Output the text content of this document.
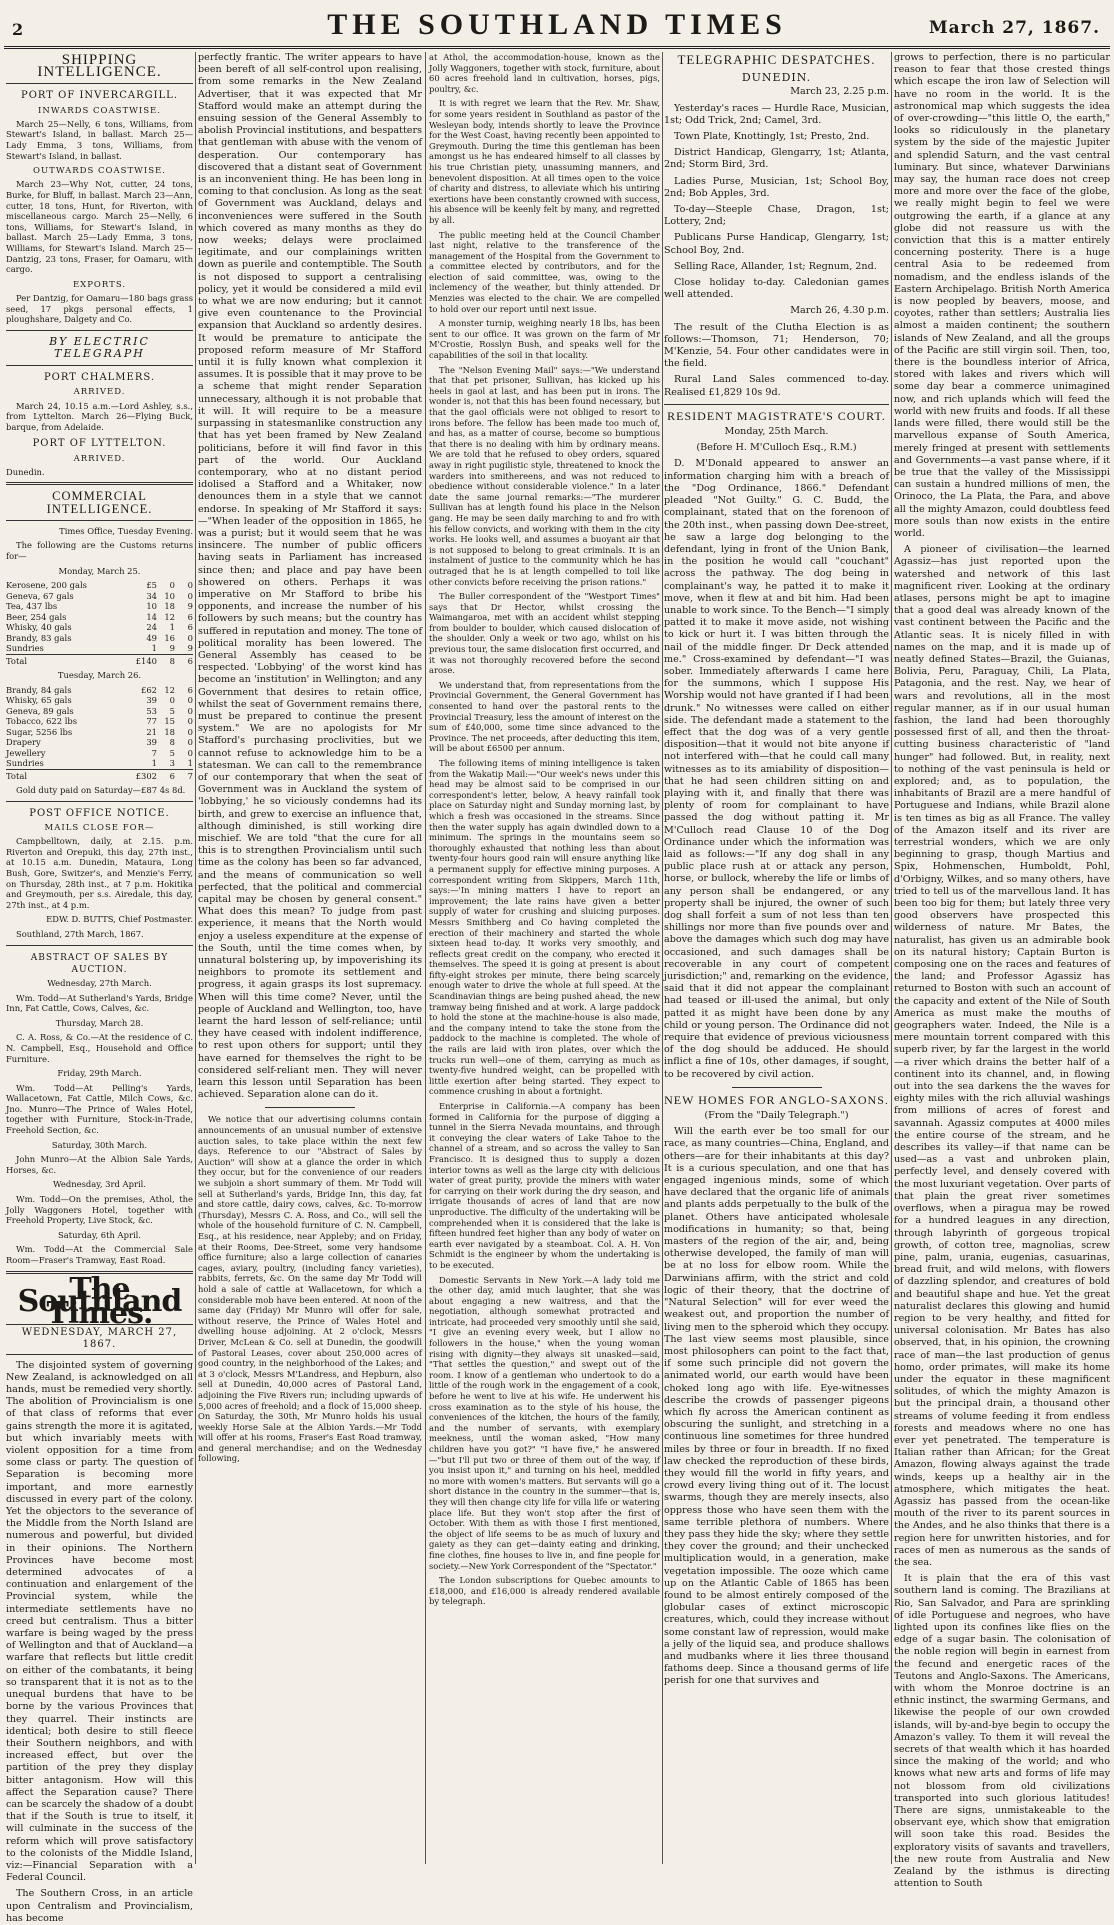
2	THE SOUTHLAND TIMES	March 27, 1867.
SHIPPING INTELLIGENCE.
PORT OF INVERCARGILL.
INWARDS COASTWISE.

March 25—Nelly, 6 tons, Williams, from Stewart's Island, in ballast. March 25—Lady Emma, 3 tons, Williams, from Stewart's Island, in ballast.

OUTWARDS COASTWISE.

March 23—Why Not, cutter, 24 tons, Burke, for Bluff, in ballast. March 23—Ann, cutter, 18 tons, Hunt, for Riverton, with miscellaneous cargo. March 25—Nelly, 6 tons, Williams, for Stewart's Island, in ballast. March 25—Lady Emma, 3 tons, Williams, for Stewart's Island. March 25—Dantzig, 23 tons, Fraser, for Oamaru, with cargo.

EXPORTS.

Per Dantzig, for Oamaru—180 bags grass seed, 17 pkgs personal effects, 1 ploughshare, Dalgety and Co.

BY ELECTRIC TELEGRAPH
PORT CHALMERS.
ARRIVED.

March 24, 10.15 a.m.—Lord Ashley, s.s., from Lyttelton. March 26—Flying Buck, barque, from Adelaide.

PORT OF LYTTELTON.
ARRIVED.

Dunedin.

COMMERCIAL INTELLIGENCE.

Times Office, Tuesday Evening.

The following are the Customs returns for—

Monday, March 25.

Kerosene, 200 gals	£5	0	0
Geneva, 67 gals	34	10	0
Tea, 437 lbs	10	18	9
Beer, 254 gals	14	12	6
Whisky, 40 gals	24	1	6
Brandy, 83 gals	49	16	0
Sundries	1	9	9
Total	£140	8	6

Tuesday, March 26.

Brandy, 84 gals	£62	12	6
Whisky, 65 gals	39	0	0
Geneva, 89 gals	53	5	0
Tobacco, 622 lbs	77	15	0
Sugar, 5256 lbs	21	18	0
Drapery	39	8	0
Jewellery	7	5	0
Sundries	1	3	1
Total	£302	6	7

Gold duty paid on Saturday—£87 4s 8d.

POST OFFICE NOTICE.
MAILS CLOSE FOR—

Campbelltown, daily, at 2.15. p.m. Riverton and Orepuki, this day, 27th inst., at 10.15 a.m. Dunedin, Mataura, Long Bush, Gore, Switzer's, and Menzie's Ferry, on Thursday, 28th inst., at 7 p.m. Hokitika and Greymouth, per s.s. Airedale, this day, 27th inst., at 4 p.m.

EDW. D. BUTTS, Chief Postmaster.

Southland, 27th March, 1867.

ABSTRACT OF SALES BY AUCTION.

Wednesday, 27th March.

Wm. Todd—At Sutherland's Yards, Bridge Inn, Fat Cattle, Cows, Calves, &c.

Thursday, March 28.

C. A. Ross, & Co.—At the residence of C. N. Campbell, Esq., Household and Office Furniture.

Friday, 29th March.

Wm. Todd—At Pelling's Yards, Wallacetown, Fat Cattle, Milch Cows, &c. Jno. Munro—The Prince of Wales Hotel, together with Furniture, Stock-in-Trade, Freehold Section, &c.

Saturday, 30th March.

John Munro—At the Albion Sale Yards, Horses, &c.

Wednesday, 3rd April.

Wm. Todd—On the premises, Athol, the Jolly Waggoners Hotel, together with Freehold Property, Live Stock, &c.

Saturday, 6th April.

Wm. Todd—At the Commercial Sale Room—Fraser's Tramway, East Road.

The Southland Times.
WEDNESDAY, MARCH 27, 1867.

The disjointed system of governing New Zealand, is acknowledged on all hands, must be remedied very shortly. The abolition of Provincialism is one of that class of reforms that ever gains strength the more it is agitated, but which invariably meets with violent opposition for a time from some class or party. The question of Separation is becoming more important, and more earnestly discussed in every part of the colony. Yet the objectors to the severance of the Middle from the North Island are numerous and powerful, but divided in their opinions. The Northern Provinces have become most determined advocates of a continuation and enlargement of the Provincial system, while the intermediate settlements have no creed but centralism. Thus a bitter warfare is being waged by the press of Wellington and that of Auckland—a warfare that reflects but little credit on either of the combatants, it being so transparent that it is not as to the unequal burdens that have to be borne by the various Provinces that they quarrel. Their instincts are identical; both desire to still fleece their Southern neighbors, and with increased effect, but over the partition of the prey they display bitter antagonism. How will this affect the Separation cause? There can be scarcely the shadow of a doubt that if the South is true to itself, it will culminate in the success of the reform which will prove satisfactory to the colonists of the Middle Island, viz:—Financial Separation with a Federal Council.

The Southern Cross, in an article upon Centralism and Provincialism, has become

perfectly frantic. The writer appears to have been bereft of all self-control upon realising, from some remarks in the New Zealand Advertiser, that it was expected that Mr Stafford would make an attempt during the ensuing session of the General Assembly to abolish Provincial institutions, and bespatters that gentleman with abuse with the venom of desperation. Our contemporary has discovered that a distant seat of Government is an inconvenient thing. He has been long in coming to that conclusion. As long as the seat of Government was Auckland, delays and inconveniences were suffered in the South which covered as many months as they do now weeks; delays were proclaimed legitimate, and our complainings written down as puerile and contemptible. The South is not disposed to support a centralising policy, yet it would be considered a mild evil to what we are now enduring; but it cannot give even countenance to the Provincial expansion that Auckland so ardently desires. It would be premature to anticipate the proposed reform measure of Mr Stafford until it is fully known what complexion it assumes. It is possible that it may prove to be a scheme that might render Separation unnecessary, although it is not probable that it will. It will require to be a measure surpassing in statesmanlike construction any that has yet been framed by New Zealand politicians, before it will find favor in this part of the world. Our Auckland contemporary, who at no distant period idolised a Stafford and a Whitaker, now denounces them in a style that we cannot endorse. In speaking of Mr Stafford it says:—"When leader of the opposition in 1865, he was a purist; but it would seem that he was insincere. The number of public officers having seats in Parliament has increased since then; and place and pay have been showered on others. Perhaps it was imperative on Mr Stafford to bribe his opponents, and increase the number of his followers by such means; but the country has suffered in reputation and money. The tone of political morality has been lowered. The General Assembly has ceased to be respected. 'Lobbying' of the worst kind has become an 'institution' in Wellington; and any Government that desires to retain office, whilst the seat of Government remains there, must be prepared to continue the present system." We are no apologists for Mr Stafford's purchasing proclivities, but we cannot refuse to acknowledge him to be a statesman. We can call to the remembrance of our contemporary that when the seat of Government was in Auckland the system of 'lobbying,' he so viciously condemns had its birth, and grew to exercise an influence that, although diminished, is still working dire mischief. We are told "that the cure for all this is to strengthen Provincialism until such time as the colony has been so far advanced, and the means of communication so well perfected, that the political and commercial capital may be chosen by general consent." What does this mean? To judge from past experience, it means that the North would enjoy a useless expenditure at the expense of the South, until the time comes when, by unnatural bolstering up, by impoverishing its neighbors to promote its settlement and progress, it again grasps its lost supremacy. When will this time come? Never, until the people of Auckland and Wellington, too, have learnt the hard lesson of self-reliance; until they have ceased with indolent indifference, to rest upon others for support; until they have earned for themselves the right to be considered self-reliant men. They will never learn this lesson until Separation has been achieved. Separation alone can do it.

We notice that our advertising columns contain announcements of an unusual number of extensive auction sales, to take place within the next few days. Reference to our "Abstract of Sales by Auction" will show at a glance the order in which they occur, but for the convenience of our readers we subjoin a short summary of them. Mr Todd will sell at Sutherland's yards, Bridge Inn, this day, fat and store cattle, dairy cows, calves, &c. To-morrow (Thursday), Messrs C. A. Ross, and Co., will sell the whole of the household furniture of C. N. Campbell, Esq., at his residence, near Appleby; and on Friday, at their Rooms, Dee-Street, some very handsome office furniture; also a large collection of canaries cages, aviary, poultry, (including fancy varieties), rabbits, ferrets, &c. On the same day Mr Todd will hold a sale of cattle at Wallacetown, for which a considerable mob have been entered. At noon of the same day (Friday) Mr Munro will offer for sale, without reserve, the Prince of Wales Hotel and dwelling house adjoining. At 2 o'clock, Messrs Driver, McLean & Co. sell at Dunedin, the goodwill of Pastoral Leases, cover about 250,000 acres of good country, in the neighborhood of the Lakes; and at 3 o'clock, Messrs M'Landress, and Hepburn, also sell at Dunedin, 40,000 acres of Pastoral Land, adjoining the Five Rivers run; including upwards of 5,000 acres of freehold; and a flock of 15,000 sheep. On Saturday, the 30th, Mr Munro holds his usual weekly Horse Sale at the Albion Yards.—Mr Todd will offer at his rooms, Fraser's East Road tramway, and general merchandise; and on the Wednesday following,

at Athol, the accommodation-house, known as the Jolly Waggoners, together with stock, furniture, about 60 acres freehold land in cultivation, horses, pigs, poultry, &c.

It is with regret we learn that the Rev. Mr. Shaw, for some years resident in Southland as pastor of the Wesleyan body, intends shortly to leave the Province for the West Coast, having recently been appointed to Greymouth. During the time this gentleman has been amongst us he has endeared himself to all classes by his true Christian piety, unassuming manners, and benevolent disposition. At all times open to the voice of charity and distress, to alleviate which his untiring exertions have been constantly crowned with success, his absence will be keenly felt by many, and regretted by all.

The public meeting held at the Council Chamber last night, relative to the transference of the management of the Hospital from the Government to a committee elected by contributors, and for the election of said committee, was, owing to the inclemency of the weather, but thinly attended. Dr Menzies was elected to the chair. We are compelled to hold over our report until next issue.

A monster turnip, weighing nearly 18 lbs, has been sent to our office. It was grown on the farm of Mr M'Crostie, Rosslyn Bush, and speaks well for the capabilities of the soil in that locality.

The "Nelson Evening Mail" says:—"We understand that that pet prisoner, Sullivan, has kicked up his heels in gaol at last, and has been put in irons. The wonder is, not that this has been found necessary, but that the gaol officials were not obliged to resort to irons before. The fellow has been made too much of, and has, as a matter of course, become so bumptious that there is no dealing with him by ordinary means. We are told that he refused to obey orders, squared away in right pugilistic style, threatened to knock the warders into smithereens, and was not reduced to obedience without considerable violence." In a later date the same journal remarks:—"The murderer Sullivan has at length found his place in the Nelson gang. He may be seen daily marching to and fro with his fellow convicts, and working with them in the city works. He looks well, and assumes a buoyant air that is not supposed to belong to great criminals. It is an instalment of justice to the community which he has outraged that he is at length compelled to toil like other convicts before receiving the prison rations."

The Buller correspondent of the "Westport Times" says that Dr Hector, whilst crossing the Waimangaroa, met with an accident whilst stepping from boulder to boulder, which caused dislocation of the shoulder. Only a week or two ago, whilst on his previous tour, the same dislocation first occurred, and it was not thoroughly recovered before the second arose.

We understand that, from representations from the Provincial Government, the General Government has consented to hand over the pastoral rents to the Provincial Treasury, less the amount of interest on the sum of £40,000, some time since advanced to the Province. The net proceeds, after deducting this item, will be about £6500 per annum.

The following items of mining intelligence is taken from the Wakatip Mail:—"Our week's news under this head may be almost said to be comprised in our correspondent's letter, below, A heavy rainfall took place on Saturday night and Sunday morning last, by which a fresh was occasioned in the streams. Since then the water supply has again dwindled down to a minimum. The springs in the mountains seem so thoroughly exhausted that nothing less than about twenty-four hours good rain will ensure anything like a permanent supply for effective mining purposes. A correspondent writing from Skippers, March 11th, says:—'In mining matters I have to report an improvement; the late rains have given a better supply of water for crushing and sluicing purposes. Messrs Smithberg and Co having completed the erection of their machinery and started the whole sixteen head to-day. It works very smoothly, and reflects great credit on the company, who erected it themselves. The speed it is going at present is about fifty-eight strokes per minute, there being scarcely enough water to drive the whole at full speed. At the Scandinavian things are being pushed ahead, the new tramway being finished and at work. A large paddock to hold the stone at the machine-house is also made, and the company intend to take the stone from the paddock to the machine is completed. The whole of the rails are laid with iron plates, over which the trucks run well—one of them, carrying as much as twenty-five hundred weight, can be propelled with little exertion after being started. They expect to commence crushing in about a fortnight.

Enterprise in California.—A company has been formed in California for the purpose of digging a tunnel in the Sierra Nevada mountains, and through it conveying the clear waters of Lake Tahoe to the channel of a stream, and so across the valley to San Francisco. It is designed thus to supply a dozen interior towns as well as the large city with delicious water of great purity, provide the miners with water for carrying on their work during the dry season, and irrigate thousands of acres of land that are now unproductive. The difficulty of the undertaking will be comprehended when it is considered that the lake is fifteen hundred feet higher than any body of water on earth ever navigated by a steamboat. Col. A. H. Von Schmidt is the engineer by whom the undertaking is to be executed.

Domestic Servants in New York.—A lady told me the other day, amid much laughter, that she was about engaging a new waitress, and that the negotiation, although somewhat protracted and intricate, had proceeded very smoothly until she said, "I give an evening every week, but I allow no followers in the house," when the young woman rising with dignity—they always sit unasked—said, "That settles the question," and swept out of the room. I know of a gentleman who undertook to do a little of the rough work in the engagement of a cook, before he went to live at his wife. He underwent his cross examination as to the style of his house, the conveniences of the kitchen, the hours of the family, and the number of servants, with exemplary meekness, until the woman asked, "How many children have you got?" "I have five," he answered—"but I'll put two or three of them out of the way, if you insist upon it," and turning on his heel, meddled no more with women's matters. But servants will go a short distance in the country in the summer—that is, they will then change city life for villa life or watering place life. But they won't stop after the first of October. With them as with those I first mentioned, the object of life seems to be as much of luxury and gaiety as they can get—dainty eating and drinking, fine clothes, fine houses to live in, and fine people for society.—New York Correspondent of the "Spectator."

The London subscriptions for Quebec amounts to £18,000, and £16,000 is already rendered available by telegraph.

TELEGRAPHIC DESPATCHES.
DUNEDIN.

March 23, 2.25 p.m.

Yesterday's races — Hurdle Race, Musician, 1st; Odd Trick, 2nd; Camel, 3rd.

Town Plate, Knottingly, 1st; Presto, 2nd.

District Handicap, Glengarry, 1st; Atlanta, 2nd; Storm Bird, 3rd.

Ladies Purse, Musician, 1st; School Boy, 2nd; Bob Apples, 3rd.

To-day—Steeple Chase, Dragon, 1st; Lottery, 2nd;

Publicans Purse Handicap, Glengarry, 1st; School Boy, 2nd.

Selling Race, Allander, 1st; Regnum, 2nd.

Close holiday to-day. Caledonian games well attended.

March 26, 4.30 p.m.

The result of the Clutha Election is as follows:—Thomson, 71; Henderson, 70; M'Kenzie, 54. Four other candidates were in the field.

Rural Land Sales commenced to-day. Realised £1,829 10s 9d.

RESIDENT MAGISTRATE'S COURT.

Monday, 25th March.

(Before H. M'Culloch Esq., R.M.)

D. M'Donald appeared to answer an information charging him with a breach of the "Dog Ordinance, 1866." Defendant pleaded "Not Guilty." G. C. Budd, the complainant, stated that on the forenoon of the 20th inst., when passing down Dee-street, he saw a large dog belonging to the defendant, lying in front of the Union Bank, in the position he would call "couchant" across the pathway. The dog being in complainant's way, he patted it to make it move, when it flew at and bit him. Had been unable to work since. To the Bench—"I simply patted it to make it move aside, not wishing to kick or hurt it. I was bitten through the nail of the middle finger. Dr Deck attended me." Cross-examined by defendant—"I was sober. Immediately afterwards I came here for the summons, which I suppose His Worship would not have granted if I had been drunk." No witnesses were called on either side. The defendant made a statement to the effect that the dog was of a very gentle disposition—that it would not bite anyone if not interfered with—that he could call many witnesses as to its amiability of disposition—that he had seen children sitting on and playing with it, and finally that there was plenty of room for complainant to have passed the dog without patting it. Mr M'Culloch read Clause 10 of the Dog Ordinance under which the information was laid as follows:—"If any dog shall in any public place rush at or attack any person, horse, or bullock, whereby the life or limbs of any person shall be endangered, or any property shall be injured, the owner of such dog shall forfeit a sum of not less than ten shillings nor more than five pounds over and above the damages which such dog may have occasioned, and such damages shall be recoverable in any court of competent jurisdiction;" and, remarking on the evidence, said that it did not appear the complainant had teased or ill-used the animal, but only patted it as might have been done by any child or young person. The Ordinance did not require that evidence of previous viciousness of the dog should be adduced. He should inflict a fine of 10s, other damages, if sought, to be recovered by civil action.

NEW HOMES FOR ANGLO-SAXONS.

(From the "Daily Telegraph.")

Will the earth ever be too small for our race, as many countries—China, England, and others—are for their inhabitants at this day? It is a curious speculation, and one that has engaged ingenious minds, some of which have declared that the organic life of animals and plants adds perpetually to the bulk of the planet. Others have anticipated wholesale modifications in humanity; so that, being masters of the region of the air, and, being otherwise developed, the family of man will be at no loss for elbow room. While the Darwinians affirm, with the strict and cold logic of their theory, that the doctrine of "Natural Selection" will for ever weed the weakest out, and proportion the number of living men to the spheroid which they occupy. The last view seems most plausible, since most philosophers can point to the fact that, if some such principle did not govern the animated world, our earth would have been choked long ago with life. Eye-witnesses describe the crowds of passenger pigeons which fly across the American continent as obscuring the sunlight, and stretching in a continuous line sometimes for three hundred miles by three or four in breadth. If no fixed law checked the reproduction of these birds, they would fill the world in fifty years, and crowd every living thing out of it. The locust swarms, though they are merely insects, also oppress those who have seen them with the same terrible plethora of numbers. Where they pass they hide the sky; where they settle they cover the ground; and their unchecked multiplication would, in a generation, make vegetation impossible. The ooze which came up on the Atlantic Cable of 1865 has been found to be almost entirely composed of the globular cases of extinct microscopic creatures, which, could they increase without some constant law of repression, would make a jelly of the liquid sea, and produce shallows and mudbanks where it lies three thousand fathoms deep. Since a thousand germs of life perish for one that survives and

grows to perfection, there is no particular reason to fear that those crested things which escape the iron law of Selection will have no room in the world. It is the astronomical map which suggests the idea of over-crowding—"this little O, the earth," looks so ridiculously in the planetary system by the side of the majestic Jupiter and splendid Saturn, and the vast central luminary. But since, whatever Darwinians may say, the human race does not creep more and more over the face of the globe, we really might begin to feel we were outgrowing the earth, if a glance at any globe did not reassure us with the conviction that this is a matter entirely concerning posterity. There is a huge central Asia to be redeemed from nomadism, and the endless islands of the Eastern Archipelago. British North America is now peopled by beavers, moose, and coyotes, rather than settlers; Australia lies almost a maiden continent; the southern islands of New Zealand, and all the groups of the Pacific are still virgin soil. Then, too, there is the boundless interior of Africa, stored with lakes and rivers which will some day bear a commerce unimagined now, and rich uplands which will feed the world with new fruits and foods. If all these lands were filled, there would still be the marvellous expanse of South America, merely fringed at present with settlements and Governments—a vast panse where, if it be true that the valley of the Mississippi can sustain a hundred millions of men, the Orinoco, the La Plata, the Para, and above all the mighty Amazon, could doubtless feed more souls than now exists in the entire world.

A pioneer of civilisation—the learned Agassiz—has just reported upon the watershed and network of this last magnificent river. Looking at the ordinary atlases, persons might be apt to imagine that a good deal was already known of the vast continent between the Pacific and the Atlantic seas. It is nicely filled in with names on the map, and it is made up of neatly defined States—Brazil, the Guianas, Bolivia, Peru, Paraguay, Chili, La Plata, Patagonia, and the rest. Nay, we hear of wars and revolutions, all in the most regular manner, as if in our usual human fashion, the land had been thoroughly possessed first of all, and then the throat-cutting business characteristic of "land hunger" had followed. But, in reality, next to nothing of the vast peninsula is held or explored; and, as to population, the inhabitants of Brazil are a mere handful of Portuguese and Indians, while Brazil alone is ten times as big as all France. The valley of the Amazon itself and its river are terrestrial wonders, which we are only beginning to grasp, though Martius and Spix, Hohmenschen, Humboldt, Pohl, d'Orbigny, Wilkes, and so many others, have tried to tell us of the marvellous land. It has been too big for them; but lately three very good observers have prospected this wilderness of nature. Mr Bates, the naturalist, has given us an admirable book on its natural history; Captain Burton is composing one on the races and features of the land; and Professor Agassiz has returned to Boston with such an account of the capacity and extent of the Nile of South America as must make the mouths of geographers water. Indeed, the Nile is a mere mountain torrent compared with this superb river, by far the largest in the world—a river which drains the better half of a continent into its channel, and, in flowing out into the sea darkens the the waves for eighty miles with the rich alluvial washings from millions of acres of forest and savannah. Agassiz computes at 4000 miles the entire course of the stream, and he describes its valley—if that name can be used—as a vast and unbroken plain, perfectly level, and densely covered with the most luxuriant vegetation. Over parts of that plain the great river sometimes overflows, when a piragua may be rowed for a hundred leagues in any direction, through labyrinth of gorgeous tropical growth, of cotton tree, magnolias, screw pine, palm, urania, eugenias, casuarinas, bread fruit, and wild melons, with flowers of dazzling splendor, and creatures of bold and beautiful shape and hue. Yet the great naturalist declares this glowing and humid region to be very healthy, and fitted for universal colonisation. Mr Bates has also observed, that, in his opinion, the crowning race of man—the last production of genus homo, order primates, will make its home under the equator in these magnificent solitudes, of which the mighty Amazon is but the principal drain, a thousand other streams of volume feeding it from endless forests and meadows where no one has ever yet penetrated. The temperature is Italian rather than African; for the Great Amazon, flowing always against the trade winds, keeps up a healthy air in the atmosphere, which mitigates the heat. Agassiz has passed from the ocean-like mouth of the river to its parent sources in the Andes, and he also thinks that there is a region here for unwritten histories, and for races of men as numerous as the sands of the sea.

It is plain that the era of this vast southern land is coming. The Brazilians at Rio, San Salvador, and Para are sprinkling of idle Portuguese and negroes, who have lighted upon its confines like flies on the edge of a sugar basin. The colonisation of the noble region will begin in earnest from the fecund and energetic races of the Teutons and Anglo-Saxons. The Americans, with whom the Monroe doctrine is an ethnic instinct, the swarming Germans, and likewise the people of our own crowded islands, will by-and-bye begin to occupy the Amazon's valley. To them it will reveal the secrets of that wealth which it has hoarded since the making of the world; and who knows what new arts and forms of life may not blossom from old civilizations transported into such glorious latitudes! There are signs, unmistakeable to the observant eye, which show that emigration will soon take this road. Besides the exploratory visits of savants and travellers, the new route from Australia and New Zealand by the isthmus is directing attention to South
